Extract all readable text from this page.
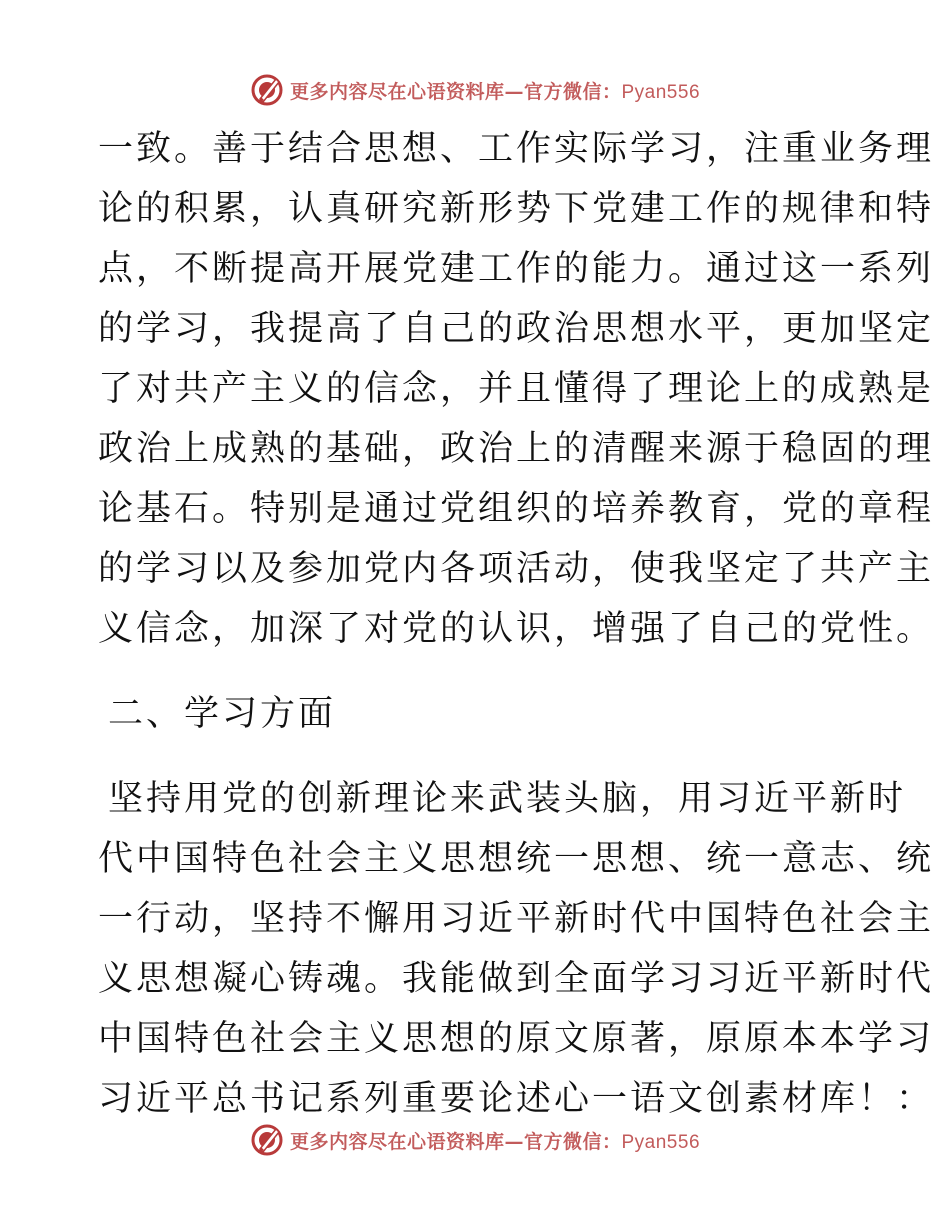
更多内容尽在心语资料库—官方微信：Pyan556
一致。善于结合思想、工作实际学习，注重业务理
论的积累，认真研究新形势下党建工作的规律和特
点，不断提高开展党建工作的能力。通过这一系列
的学习，我提高了自己的政治思想水平，更加坚定
了对共产主义的信念，并且懂得了理论上的成熟是
政治上成熟的基础，政治上的清醒来源于稳固的理
论基石。特别是通过党组织的培养教育，党的章程
的学习以及参加党内各项活动，使我坚定了共产主
义信念，加深了对党的认识，增强了自己的党性。
二、学习方面
坚持用党的创新理论来武装头脑，用习近平新时
代中国特色社会主义思想统一思想、统一意志、统
一行动，坚持不懈用习近平新时代中国特色社会主
义思想凝心铸魂。我能做到全面学习习近平新时代
中国特色社会主义思想的原文原著，原原本本学习
习近平总书记系列重要论述心一语文创素材库！：
更多内容尽在心语资料库—官方微信：Pyan556
